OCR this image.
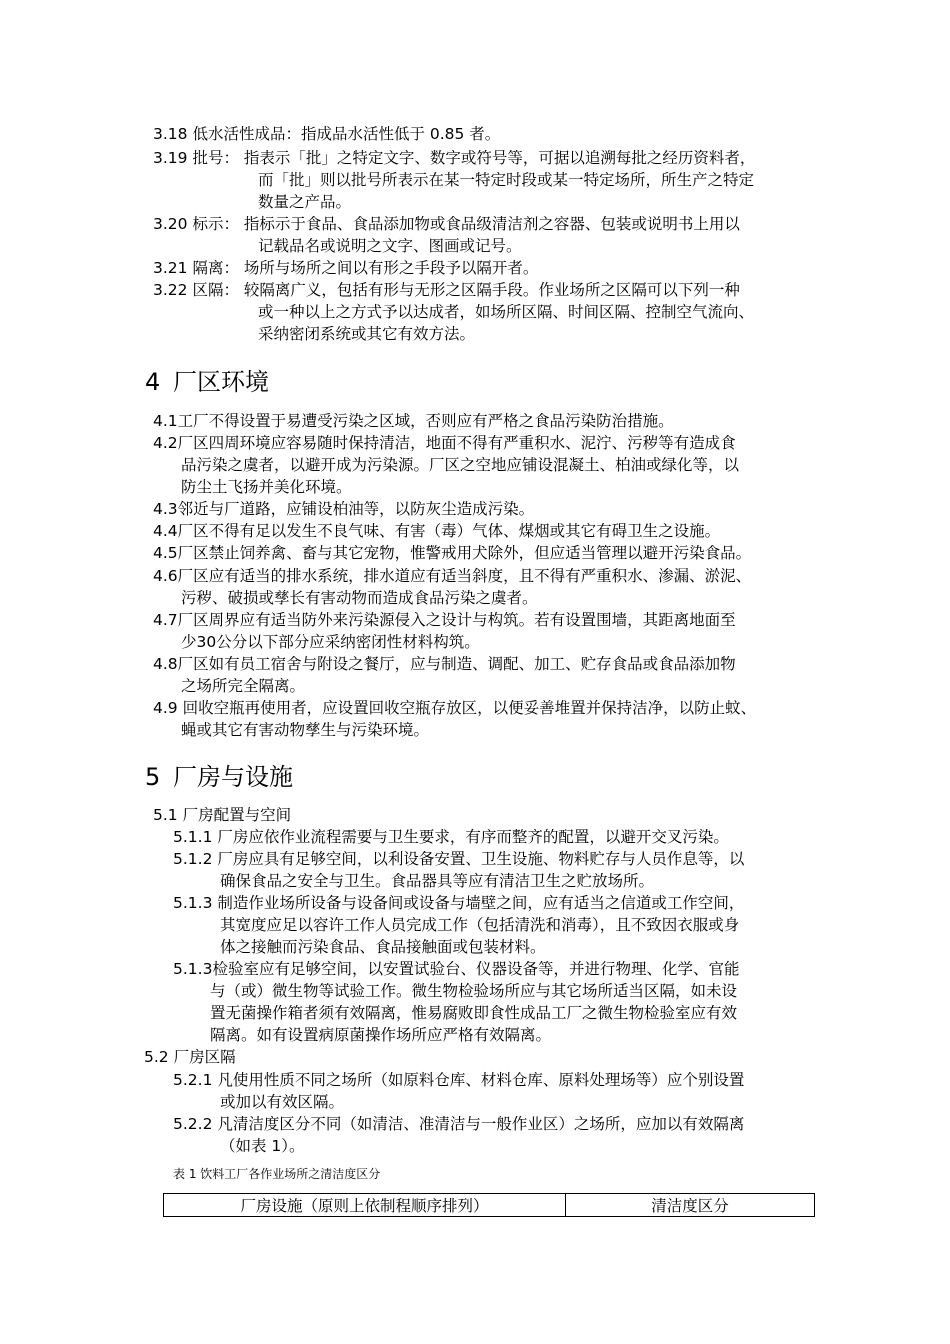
3.18 低水活性成品：指成品水活性低于 0.85 者。
3.19 批号： 指表示「批」之特定文字、数字或符号等，可据以追溯每批之经历资料者，
而「批」则以批号所表示在某一特定时段或某一特定场所，所生产之特定
数量之产品。
3.20 标示： 指标示于食品、食品添加物或食品级清洁剂之容器、包装或说明书上用以
记载品名或说明之文字、图画或记号。
3.21 隔离： 场所与场所之间以有形之手段予以隔开者。
3.22 区隔： 较隔离广义，包括有形与无形之区隔手段。作业场所之区隔可以下列一种
或一种以上之方式予以达成者，如场所区隔、时间区隔、控制空气流向、
采纳密闭系统或其它有效方法。
4 厂区环境
4.1工厂不得设置于易遭受污染之区域，否则应有严格之食品污染防治措施。
4.2厂区四周环境应容易随时保持清洁，地面不得有严重积水、泥泞、污秽等有造成食
品污染之虞者，以避开成为污染源。厂区之空地应铺设混凝土、柏油或绿化等，以
防尘土飞扬并美化环境。
4.3邻近与厂道路，应铺设柏油等，以防灰尘造成污染。
4.4厂区不得有足以发生不良气味、有害（毒）气体、煤烟或其它有碍卫生之设施。
4.5厂区禁止饲养禽、畜与其它宠物，惟警戒用犬除外，但应适当管理以避开污染食品。
4.6厂区应有适当的排水系统，排水道应有适当斜度，且不得有严重积水、渗漏、淤泥、
污秽、破损或孳长有害动物而造成食品污染之虞者。
4.7厂区周界应有适当防外来污染源侵入之设计与构筑。若有设置围墙，其距离地面至
少30公分以下部分应采纳密闭性材料构筑。
4.8厂区如有员工宿舍与附设之餐厅，应与制造、调配、加工、贮存食品或食品添加物
之场所完全隔离。
4.9 回收空瓶再使用者，应设置回收空瓶存放区，以便妥善堆置并保持洁净，以防止蚊、
蝇或其它有害动物孳生与污染环境。
5 厂房与设施
5.1 厂房配置与空间
5.1.1 厂房应依作业流程需要与卫生要求，有序而整齐的配置，以避开交叉污染。
5.1.2 厂房应具有足够空间，以利设备安置、卫生设施、物料贮存与人员作息等，以
确保食品之安全与卫生。食品器具等应有清洁卫生之贮放场所。
5.1.3 制造作业场所设备与设备间或设备与墙壁之间，应有适当之信道或工作空间，
其宽度应足以容许工作人员完成工作（包括清洗和消毒），且不致因衣服或身
体之接触而污染食品、食品接触面或包装材料。
5.1.3检验室应有足够空间，以安置试验台、仪器设备等，并进行物理、化学、官能
与（或）微生物等试验工作。微生物检验场所应与其它场所适当区隔，如未设
置无菌操作箱者须有效隔离，惟易腐败即食性成品工厂之微生物检验室应有效
隔离。如有设置病原菌操作场所应严格有效隔离。
5.2 厂房区隔
5.2.1 凡使用性质不同之场所（如原料仓库、材料仓库、原料处理场等）应个别设置
或加以有效区隔。
5.2.2 凡清洁度区分不同（如清洁、准清洁与一般作业区）之场所，应加以有效隔离
（如表 1）。
表 1 饮料工厂各作业场所之清洁度区分
厂房设施（原则上依制程顺序排列）	清洁度区分
